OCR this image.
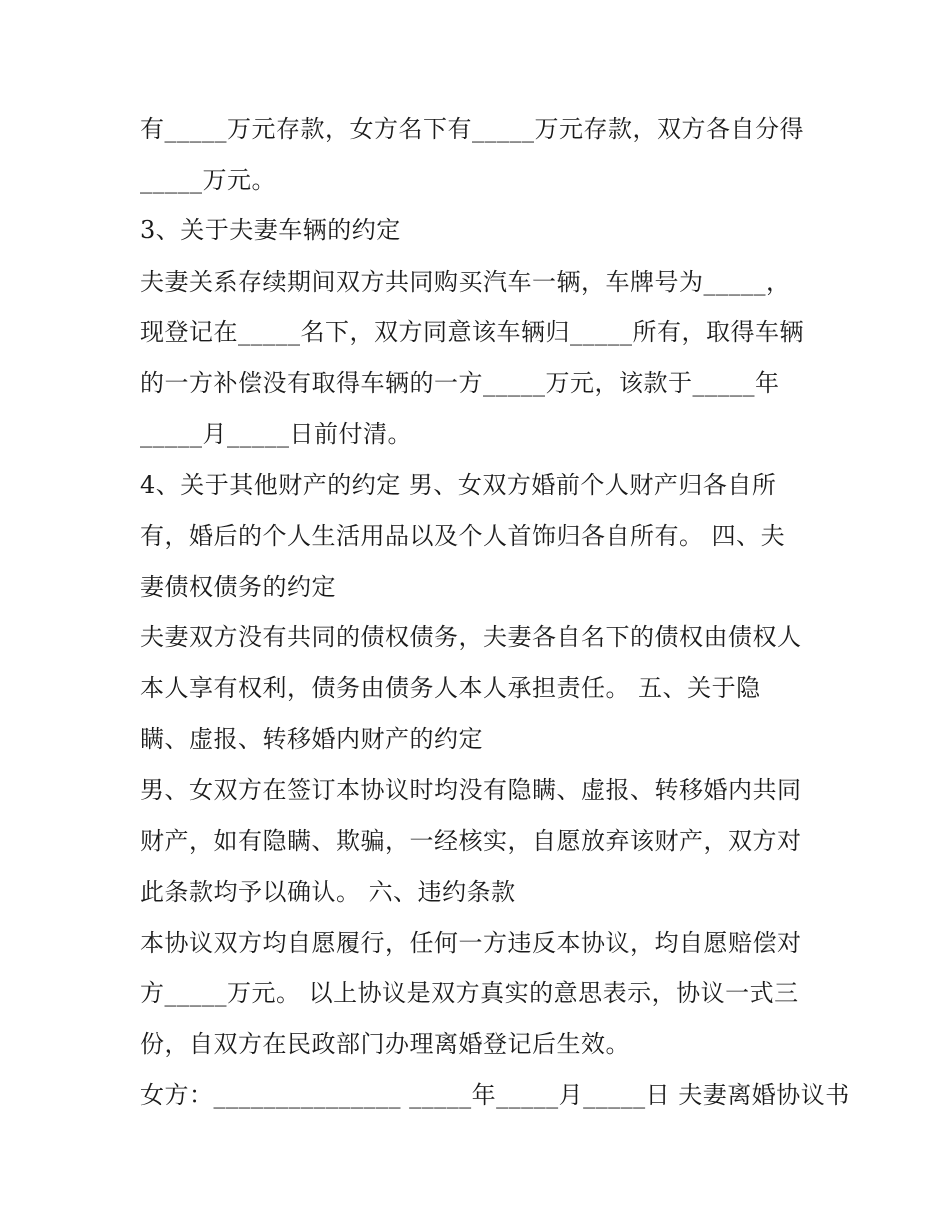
有_____万元存款，女方名下有_____万元存款，双方各自分得
_____万元。
3、关于夫妻车辆的约定
夫妻关系存续期间双方共同购买汽车一辆，车牌号为_____，
现登记在_____名下，双方同意该车辆归_____所有，取得车辆
的一方补偿没有取得车辆的一方_____万元，该款于_____年
_____月_____日前付清。
4、关于其他财产的约定 男、女双方婚前个人财产归各自所
有，婚后的个人生活用品以及个人首饰归各自所有。 四、夫
妻债权债务的约定
夫妻双方没有共同的债权债务，夫妻各自名下的债权由债权人
本人享有权利，债务由债务人本人承担责任。 五、关于隐
瞒、虚报、转移婚内财产的约定
男、女双方在签订本协议时均没有隐瞒、虚报、转移婚内共同
财产，如有隐瞒、欺骗，一经核实，自愿放弃该财产，双方对
此条款均予以确认。 六、违约条款
本协议双方均自愿履行，任何一方违反本协议，均自愿赔偿对
方_____万元。 以上协议是双方真实的意思表示，协议一式三
份，自双方在民政部门办理离婚登记后生效。
女方：_______________ _____年_____月_____日 夫妻离婚协议书
